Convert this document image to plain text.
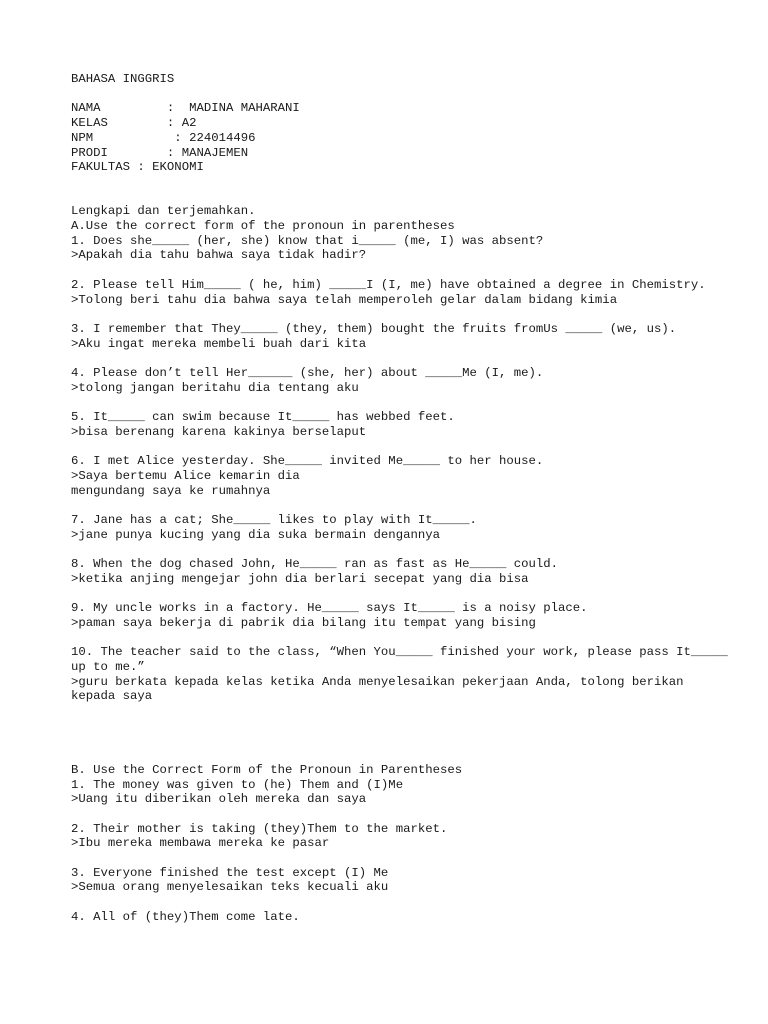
BAHASA INGGRIS
NAMA         :  MADINA MAHARANI
KELAS        : A2
NPM           : 224014496
PRODI        : MANAJEMEN
FAKULTAS : EKONOMI
Lengkapi dan terjemahkan.
A.Use the correct form of the pronoun in parentheses
1. Does she_____ (her, she) know that i_____ (me, I) was absent?
>Apakah dia tahu bahwa saya tidak hadir?
2. Please tell Him_____ ( he, him) _____I (I, me) have obtained a degree in Chemistry.
>Tolong beri tahu dia bahwa saya telah memperoleh gelar dalam bidang kimia
3. I remember that They_____ (they, them) bought the fruits fromUs _____ (we, us).
>Aku ingat mereka membeli buah dari kita
4. Please don’t tell Her______ (she, her) about _____Me (I, me).
>tolong jangan beritahu dia tentang aku
5. It_____ can swim because It_____ has webbed feet.
>bisa berenang karena kakinya berselaput
6. I met Alice yesterday. She_____ invited Me_____ to her house.
>Saya bertemu Alice kemarin dia
mengundang saya ke rumahnya
7. Jane has a cat; She_____ likes to play with It_____.
>jane punya kucing yang dia suka bermain dengannya
8. When the dog chased John, He_____ ran as fast as He_____ could.
>ketika anjing mengejar john dia berlari secepat yang dia bisa
9. My uncle works in a factory. He_____ says It_____ is a noisy place.
>paman saya bekerja di pabrik dia bilang itu tempat yang bising
10. The teacher said to the class, “When You_____ finished your work, please pass It_____ up to me.”
>guru berkata kepada kelas ketika Anda menyelesaikan pekerjaan Anda, tolong berikan kepada saya
B. Use the Correct Form of the Pronoun in Parentheses
1. The money was given to (he) Them and (I)Me
>Uang itu diberikan oleh mereka dan saya
2. Their mother is taking (they)Them to the market.
>Ibu mereka membawa mereka ke pasar
3. Everyone finished the test except (I) Me
>Semua orang menyelesaikan teks kecuali aku
4. All of (they)Them come late.
